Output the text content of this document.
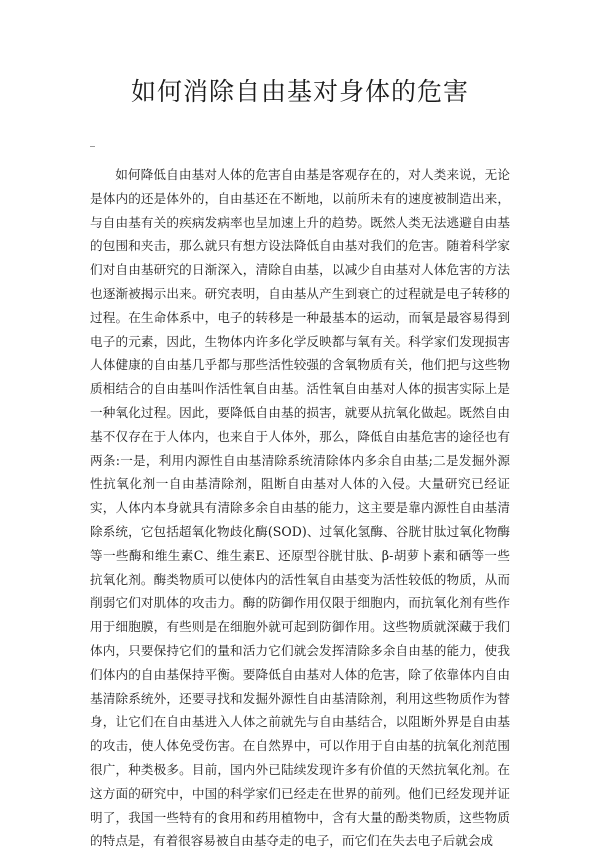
如何消除自由基对身体的危害

如何降低自由基对人体的危害自由基是客观存在的，对人类来说，无论是体内的还是体外的，自由基还在不断地，以前所未有的速度被制造出来，与自由基有关的疾病发病率也呈加速上升的趋势。既然人类无法逃避自由基的包围和夹击，那么就只有想方设法降低自由基对我们的危害。随着科学家们对自由基研究的日渐深入，清除自由基，以减少自由基对人体危害的方法也逐渐被揭示出来。研究表明，自由基从产生到衰亡的过程就是电子转移的过程。在生命体系中，电子的转移是一种最基本的运动，而氧是最容易得到电子的元素，因此，生物体内许多化学反映都与氧有关。科学家们发现损害人体健康的自由基几乎都与那些活性较强的含氧物质有关，他们把与这些物质相结合的自由基叫作活性氧自由基。活性氧自由基对人体的损害实际上是一种氧化过程。因此，要降低自由基的损害，就要从抗氧化做起。既然自由基不仅存在于人体内，也来自于人体外，那么，降低自由基危害的途径也有两条:一是，利用内源性自由基清除系统清除体内多余自由基;二是发掘外源性抗氧化剂一自由基清除剂，阻断自由基对人体的入侵。大量研究已经证实，人体内本身就具有清除多余自由基的能力，这主要是靠内源性自由基清除系统，它包括超氧化物歧化酶(SOD)、过氧化氢酶、谷胱甘肽过氧化物酶等一些酶和维生素C、维生素E、还原型谷胱甘肽、β-胡萝卜素和硒等一些抗氧化剂。酶类物质可以使体内的活性氧自由基变为活性较低的物质，从而削弱它们对肌体的攻击力。酶的防御作用仅限于细胞内，而抗氧化剂有些作用于细胞膜，有些则是在细胞外就可起到防御作用。这些物质就深藏于我们体内，只要保持它们的量和活力它们就会发挥清除多余自由基的能力，使我们体内的自由基保持平衡。要降低自由基对人体的危害，除了依靠体内自由基清除系统外，还要寻找和发掘外源性自由基清除剂，利用这些物质作为替身，让它们在自由基进入人体之前就先与自由基结合，以阻断外界是自由基的攻击，使人体免受伤害。在自然界中，可以作用于自由基的抗氧化剂范围很广，种类极多。目前，国内外已陆续发现许多有价值的天然抗氧化剂。在这方面的研究中，中国的科学家们已经走在世界的前列。他们已经发现并证明了，我国一些特有的食用和药用植物中，含有大量的酚类物质，这些物质的特点是，有着很容易被自由基夺走的电子，而它们在失去电子后就会成
